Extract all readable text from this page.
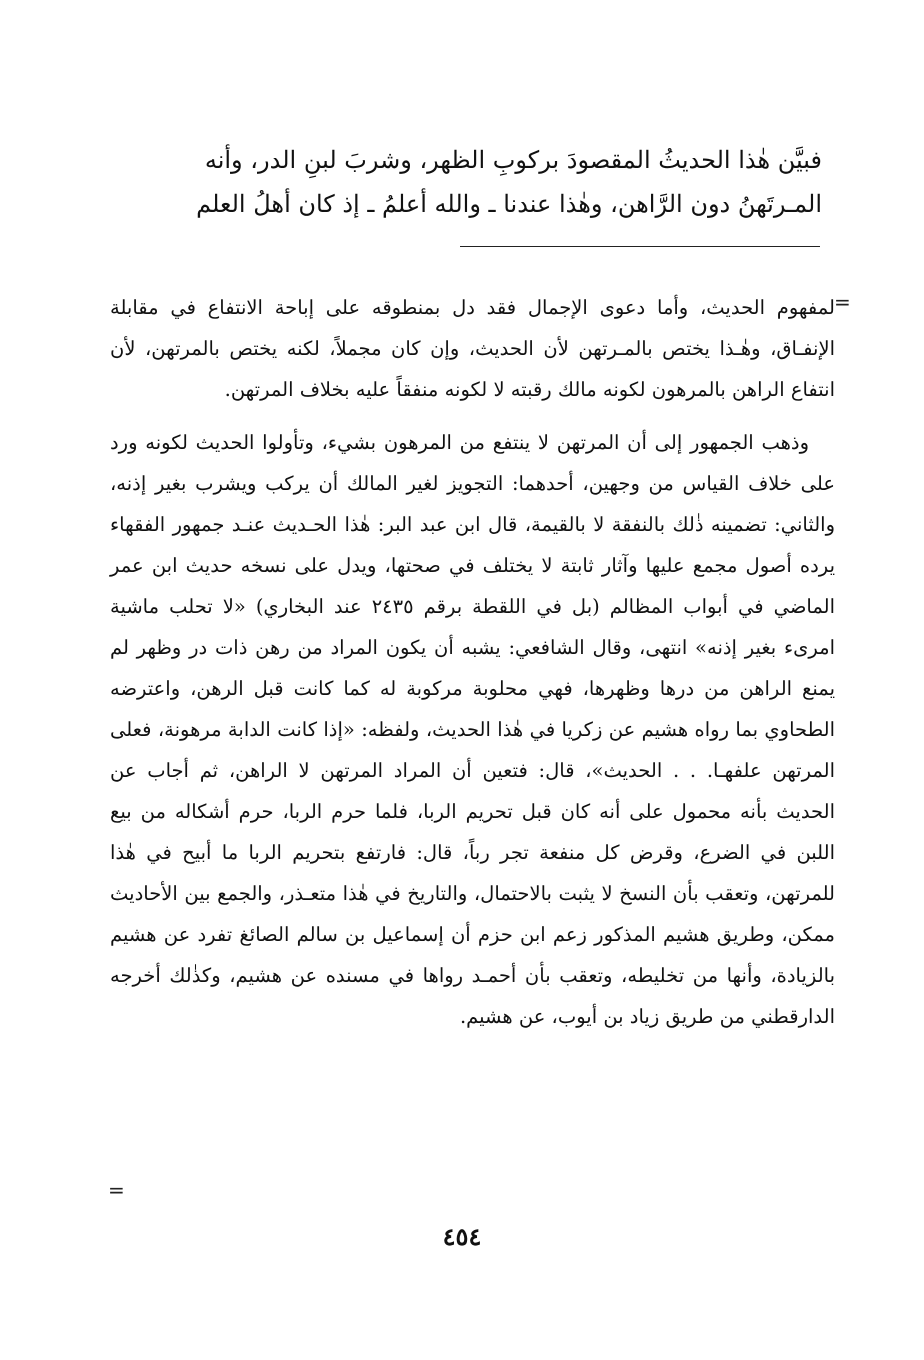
فبيَّن هٰذا الحديثُ المقصودَ بركوبِ الظهر، وشربَ لبنِ الدر، وأنه

المـرتَهنُ دون الرَّاهن، وهٰذا عندنا ـ والله أعلمُ ـ إذ كان أهلُ العلم

=

لمفهوم الحديث، وأما دعوى الإجمال فقد دل بمنطوقه على إباحة الانتفاع في مقابلة الإنفـاق، وهٰـذا يختص بالمـرتهن لأن الحديث، وإن كان مجملاً، لكنه يختص بالمرتهن، لأن انتفاع الراهن بالمرهون لكونه مالك رقبته لا لكونه منفقاً عليه بخلاف المرتهن.

وذهب الجمهور إلى أن المرتهن لا ينتفع من المرهون بشيء، وتأولوا الحديث لكونه ورد على خلاف القياس من وجهين، أحدهما: التجويز لغير المالك أن يركب ويشرب بغير إذنه، والثاني: تضمينه ذٰلك بالنفقة لا بالقيمة، قال ابن عبد البر: هٰذا الحـديث عنـد جمهور الفقهاء يرده أصول مجمع عليها وآثار ثابتة لا يختلف في صحتها، ويدل على نسخه حديث ابن عمر الماضي في أبواب المظالم (بل في اللقطة برقم ٢٤٣٥ عند البخاري) «لا تحلب ماشية امرىء بغير إذنه» انتهى، وقال الشافعي: يشبه أن يكون المراد من رهن ذات در وظهر لم يمنع الراهن من درها وظهرها، فهي محلوبة مركوبة له كما كانت قبل الرهن، واعترضه الطحاوي بما رواه هشيم عن زكريا في هٰذا الحديث، ولفظه: «إذا كانت الدابة مرهونة، فعلى المرتهن علفهـا. . . الحديث»، قال: فتعين أن المراد المرتهن لا الراهن، ثم أجاب عن الحديث بأنه محمول على أنه كان قبل تحريم الربا، فلما حرم الربا، حرم أشكاله من بيع اللبن في الضرع، وقرض كل منفعة تجر رباً، قال: فارتفع بتحريم الربا ما أبيح في هٰذا للمرتهن، وتعقب بأن النسخ لا يثبت بالاحتمال، والتاريخ في هٰذا متعـذر، والجمع بين الأحاديث ممكن، وطريق هشيم المذكور زعم ابن حزم أن إسماعيل بن سالم الصائغ تفرد عن هشيم بالزيادة، وأنها من تخليطه، وتعقب بأن أحمـد رواها في مسنده عن هشيم، وكذٰلك أخرجه الدارقطني من طريق زياد بن أيوب، عن هشيم.

=
٤٥٤
